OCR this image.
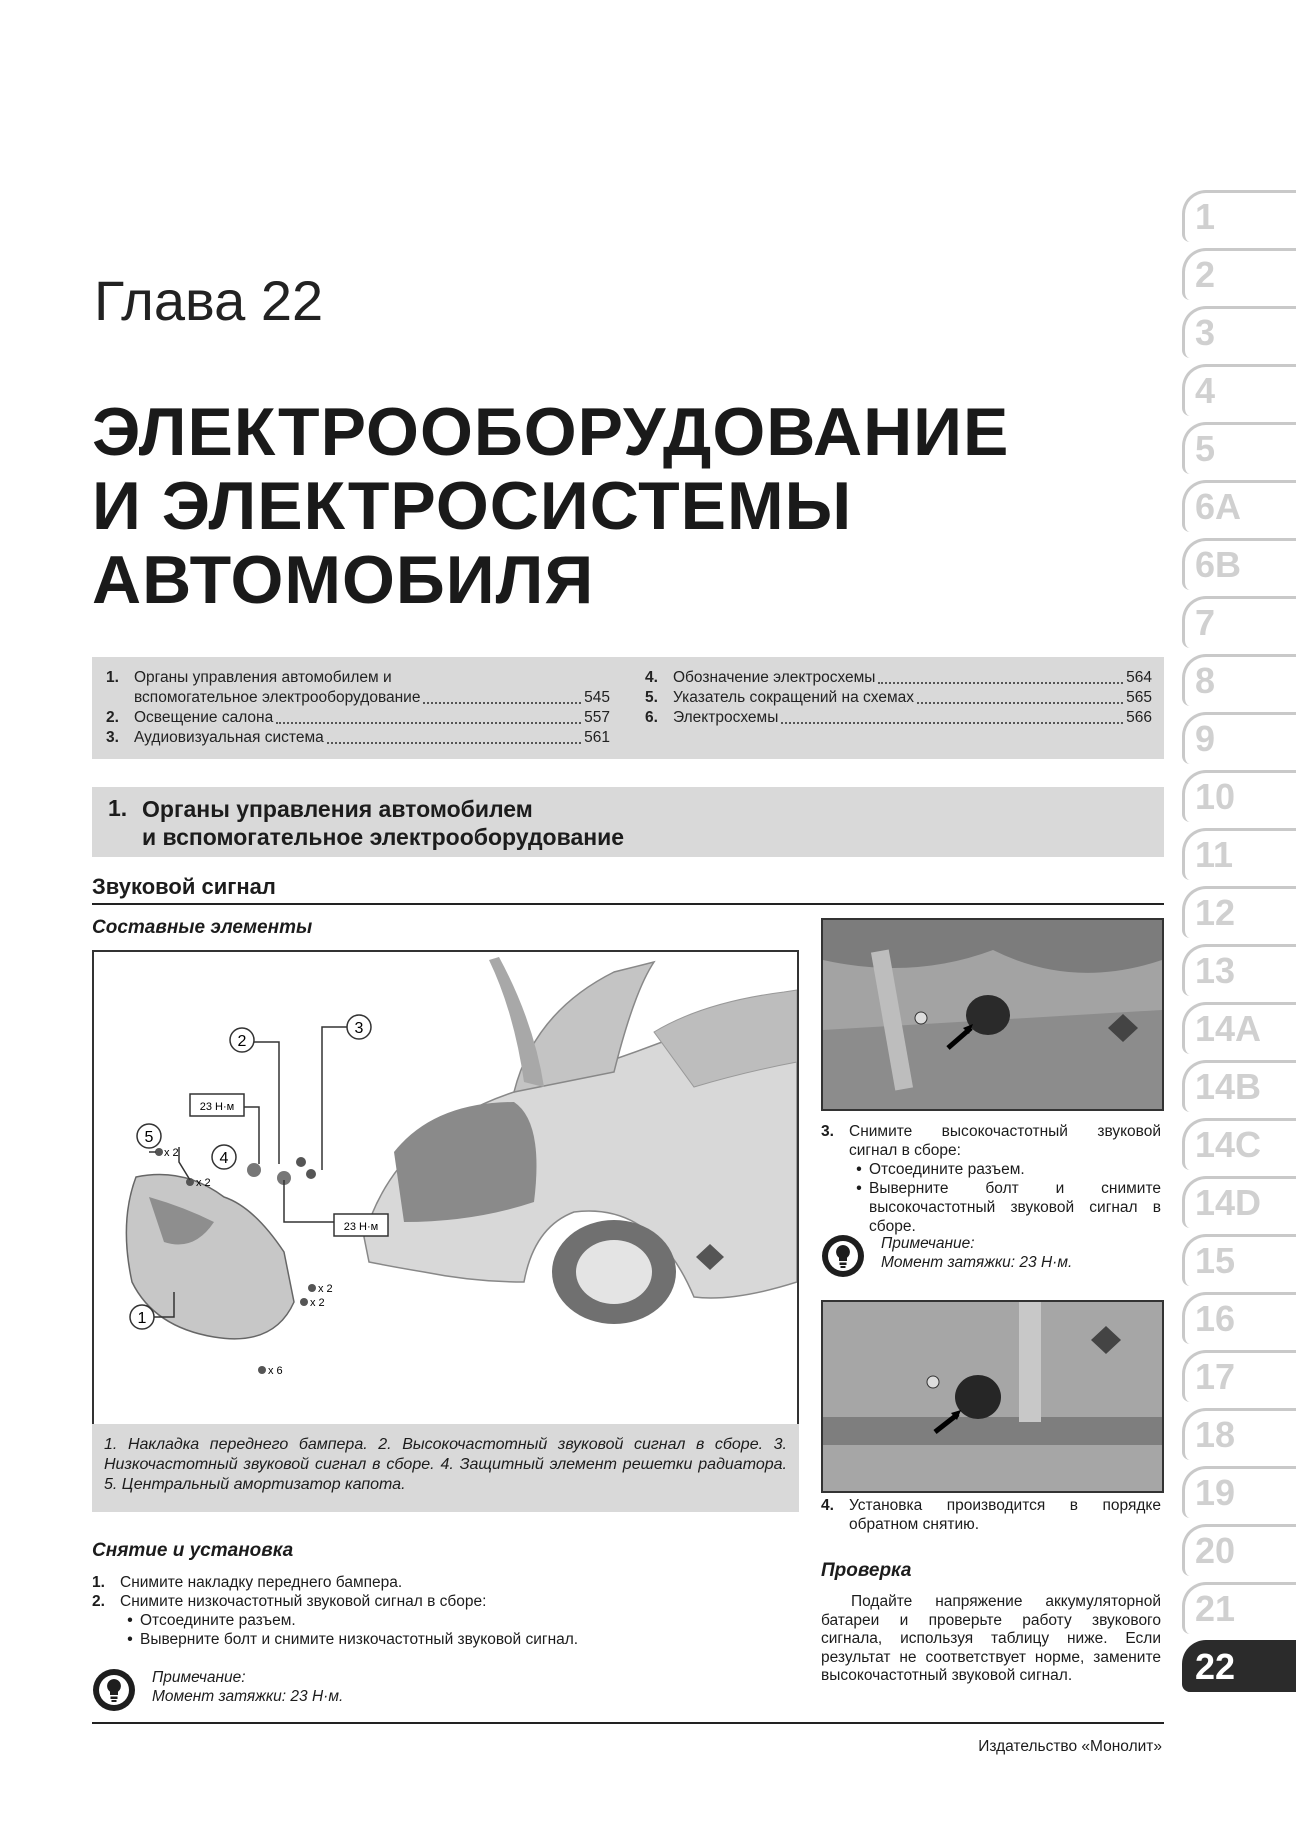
Глава 22
ЭЛЕКТРООБОРУДОВАНИЕ
И ЭЛЕКТРОСИСТЕМЫ
АВТОМОБИЛЯ
1. Органы управления автомобилем и
вспомогательное электрооборудование	545
2. Освещение салона	557
3. Аудиовизуальная система	561
4. Обозначение электросхемы	564
5. Указатель сокращений на схемах	565
6. Электросхемы	566
1. Органы управления автомобилем
и вспомогательное электрооборудование
Звуковой сигнал
Составные элементы
1
2
3
4
5
23 Н·м
23 Н·м
x 2
x 2
x 2
x 2
x 6

1. Накладка переднего бампера. 2. Высокочастотный звуковой сигнал в сборе. 3. Низкочастотный звуковой сигнал в сборе. 4. Защитный элемент решетки радиатора. 5. Центральный амортизатор капота.

Снятие и установка
1. Снимите накладку переднего бампера.
2. Снимите низкочастотный звуковой сигнал в сборе:
• Отсоедините разъем.
• Выверните болт и снимите низкочастотный звуковой сигнал.
Примечание:
Момент затяжки: 23 Н·м.
3. Снимите высокочастотный звуковой сигнал в сборе:
• Отсоедините разъем.
• Выверните болт и снимите высокочастотный звуковой сигнал в сборе.
Примечание:
Момент затяжки: 23 Н·м.
4. Установка производится в порядке обратном снятию.
Проверка
Подайте напряжение аккумуляторной батареи и проверьте работу звукового сигнала, используя таблицу ниже. Если результат не соответствует норме, замените высокочастотный звуковой сигнал.
Издательство «Монолит»
1
2
3
4
5
6A
6B
7
8
9
10
11
12
13
14A
14B
14C
14D
15
16
17
18
19
20
21
22
